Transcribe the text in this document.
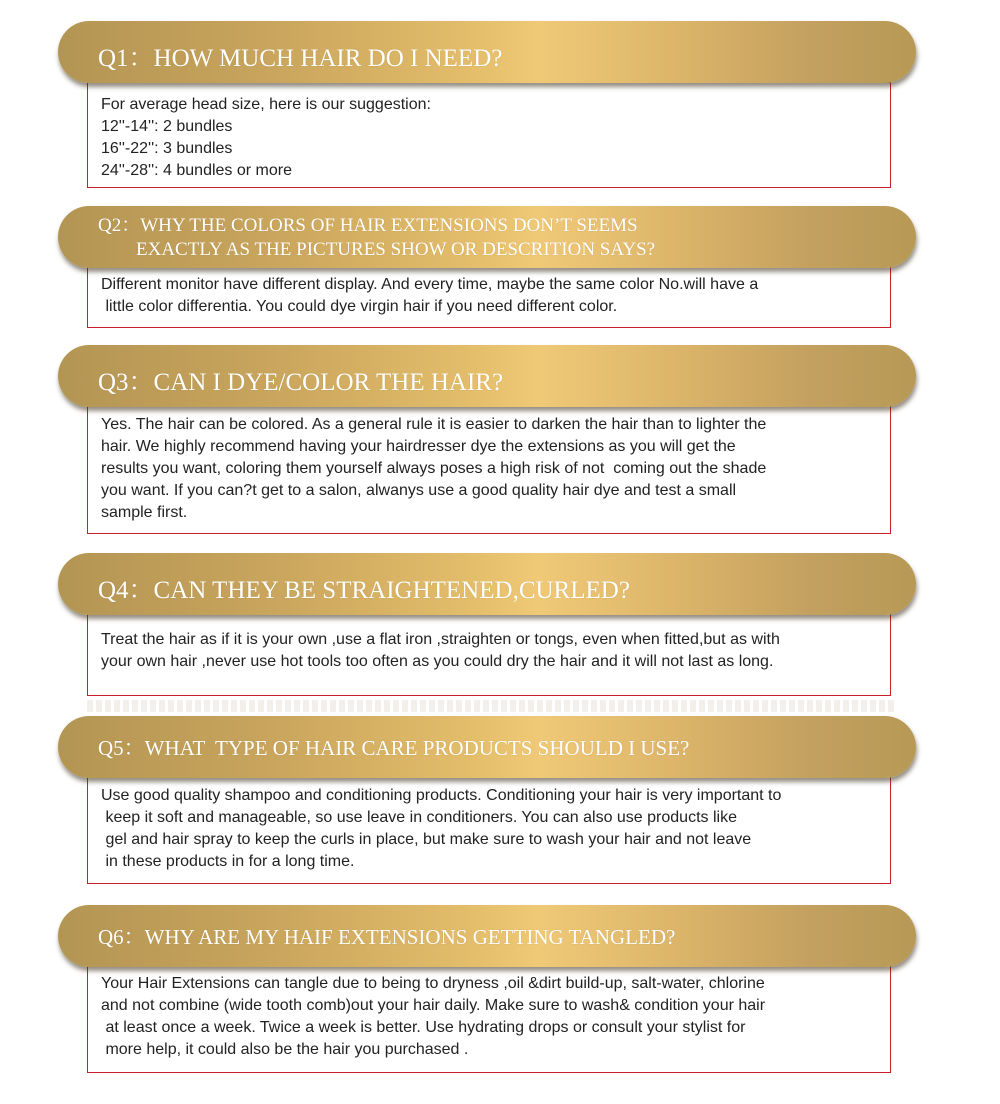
For average head size, here is our suggestion:
12''-14'': 2 bundles
16''-22'': 3 bundles
24''-28'': 4 bundles or more
Q1：HOW MUCH HAIR DO I NEED?
Different monitor have different display. And every time, maybe the same color No.will have a
little color differentia. You could dye virgin hair if you need different color.
Q2：WHY THE COLORS OF HAIR EXTENSIONS DON’T SEEMS
EXACTLY AS THE PICTURES SHOW OR DESCRITION SAYS?
Yes. The hair can be colored. As a general rule it is easier to darken the hair than to lighter the
hair. We highly recommend having your hairdresser dye the extensions as you will get the
results you want, coloring them yourself always poses a high risk of not  coming out the shade
you want. If you can?t get to a salon, alwanys use a good quality hair dye and test a small
sample first.
Q3：CAN I DYE/COLOR THE HAIR?
Treat the hair as if it is your own ,use a flat iron ,straighten or tongs, even when fitted,but as with
your own hair ,never use hot tools too often as you could dry the hair and it will not last as long.
Q4：CAN THEY BE STRAIGHTENED,CURLED?
Use good quality shampoo and conditioning products. Conditioning your hair is very important to
keep it soft and manageable, so use leave in conditioners. You can also use products like
gel and hair spray to keep the curls in place, but make sure to wash your hair and not leave
in these products in for a long time.
Q5：WHAT  TYPE OF HAIR CARE PRODUCTS SHOULD I USE?
Your Hair Extensions can tangle due to being to dryness ,oil &dirt build-up, salt-water, chlorine
and not combine (wide tooth comb)out your hair daily. Make sure to wash& condition your hair
at least once a week. Twice a week is better. Use hydrating drops or consult your stylist for
more help, it could also be the hair you purchased .
Q6：WHY ARE MY HAIF EXTENSIONS GETTING TANGLED?
